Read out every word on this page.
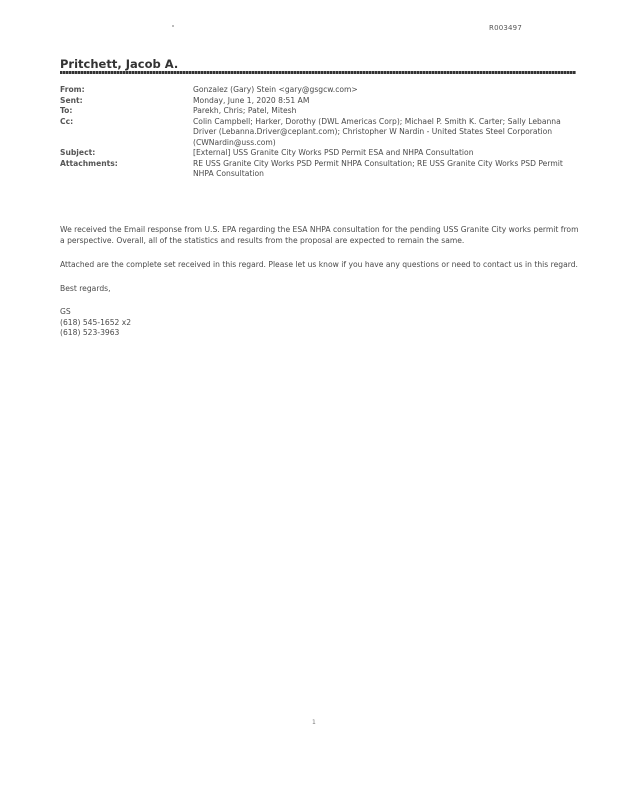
R003497
Pritchett, Jacob A.
From:	Gonzalez (Gary) Stein <gary@gsgcw.com>
Sent:	Monday, June 1, 2020 8:51 AM
To:	Parekh, Chris; Patel, Mitesh
Cc:	Colin Campbell; Harker, Dorothy (DWL Americas Corp); Michael P. Smith K. Carter; Sally Lebanna Driver (Lebanna.Driver@ceplant.com); Christopher W Nardin - United States Steel Corporation (CWNardin@uss.com)
Subject:	[External] USS Granite City Works PSD Permit ESA and NHPA Consultation
Attachments:	RE USS Granite City Works PSD Permit NHPA Consultation; RE USS Granite City Works PSD Permit NHPA Consultation

We received the Email response from U.S. EPA regarding the ESA NHPA consultation for the pending USS Granite City works permit from a perspective. Overall, all of the statistics and results from the proposal are expected to remain the same.

Attached are the complete set received in this regard. Please let us know if you have any questions or need to contact us in this regard.

Best regards,

GS
(618) 545-1652 x2
(618) 523-3963
1
